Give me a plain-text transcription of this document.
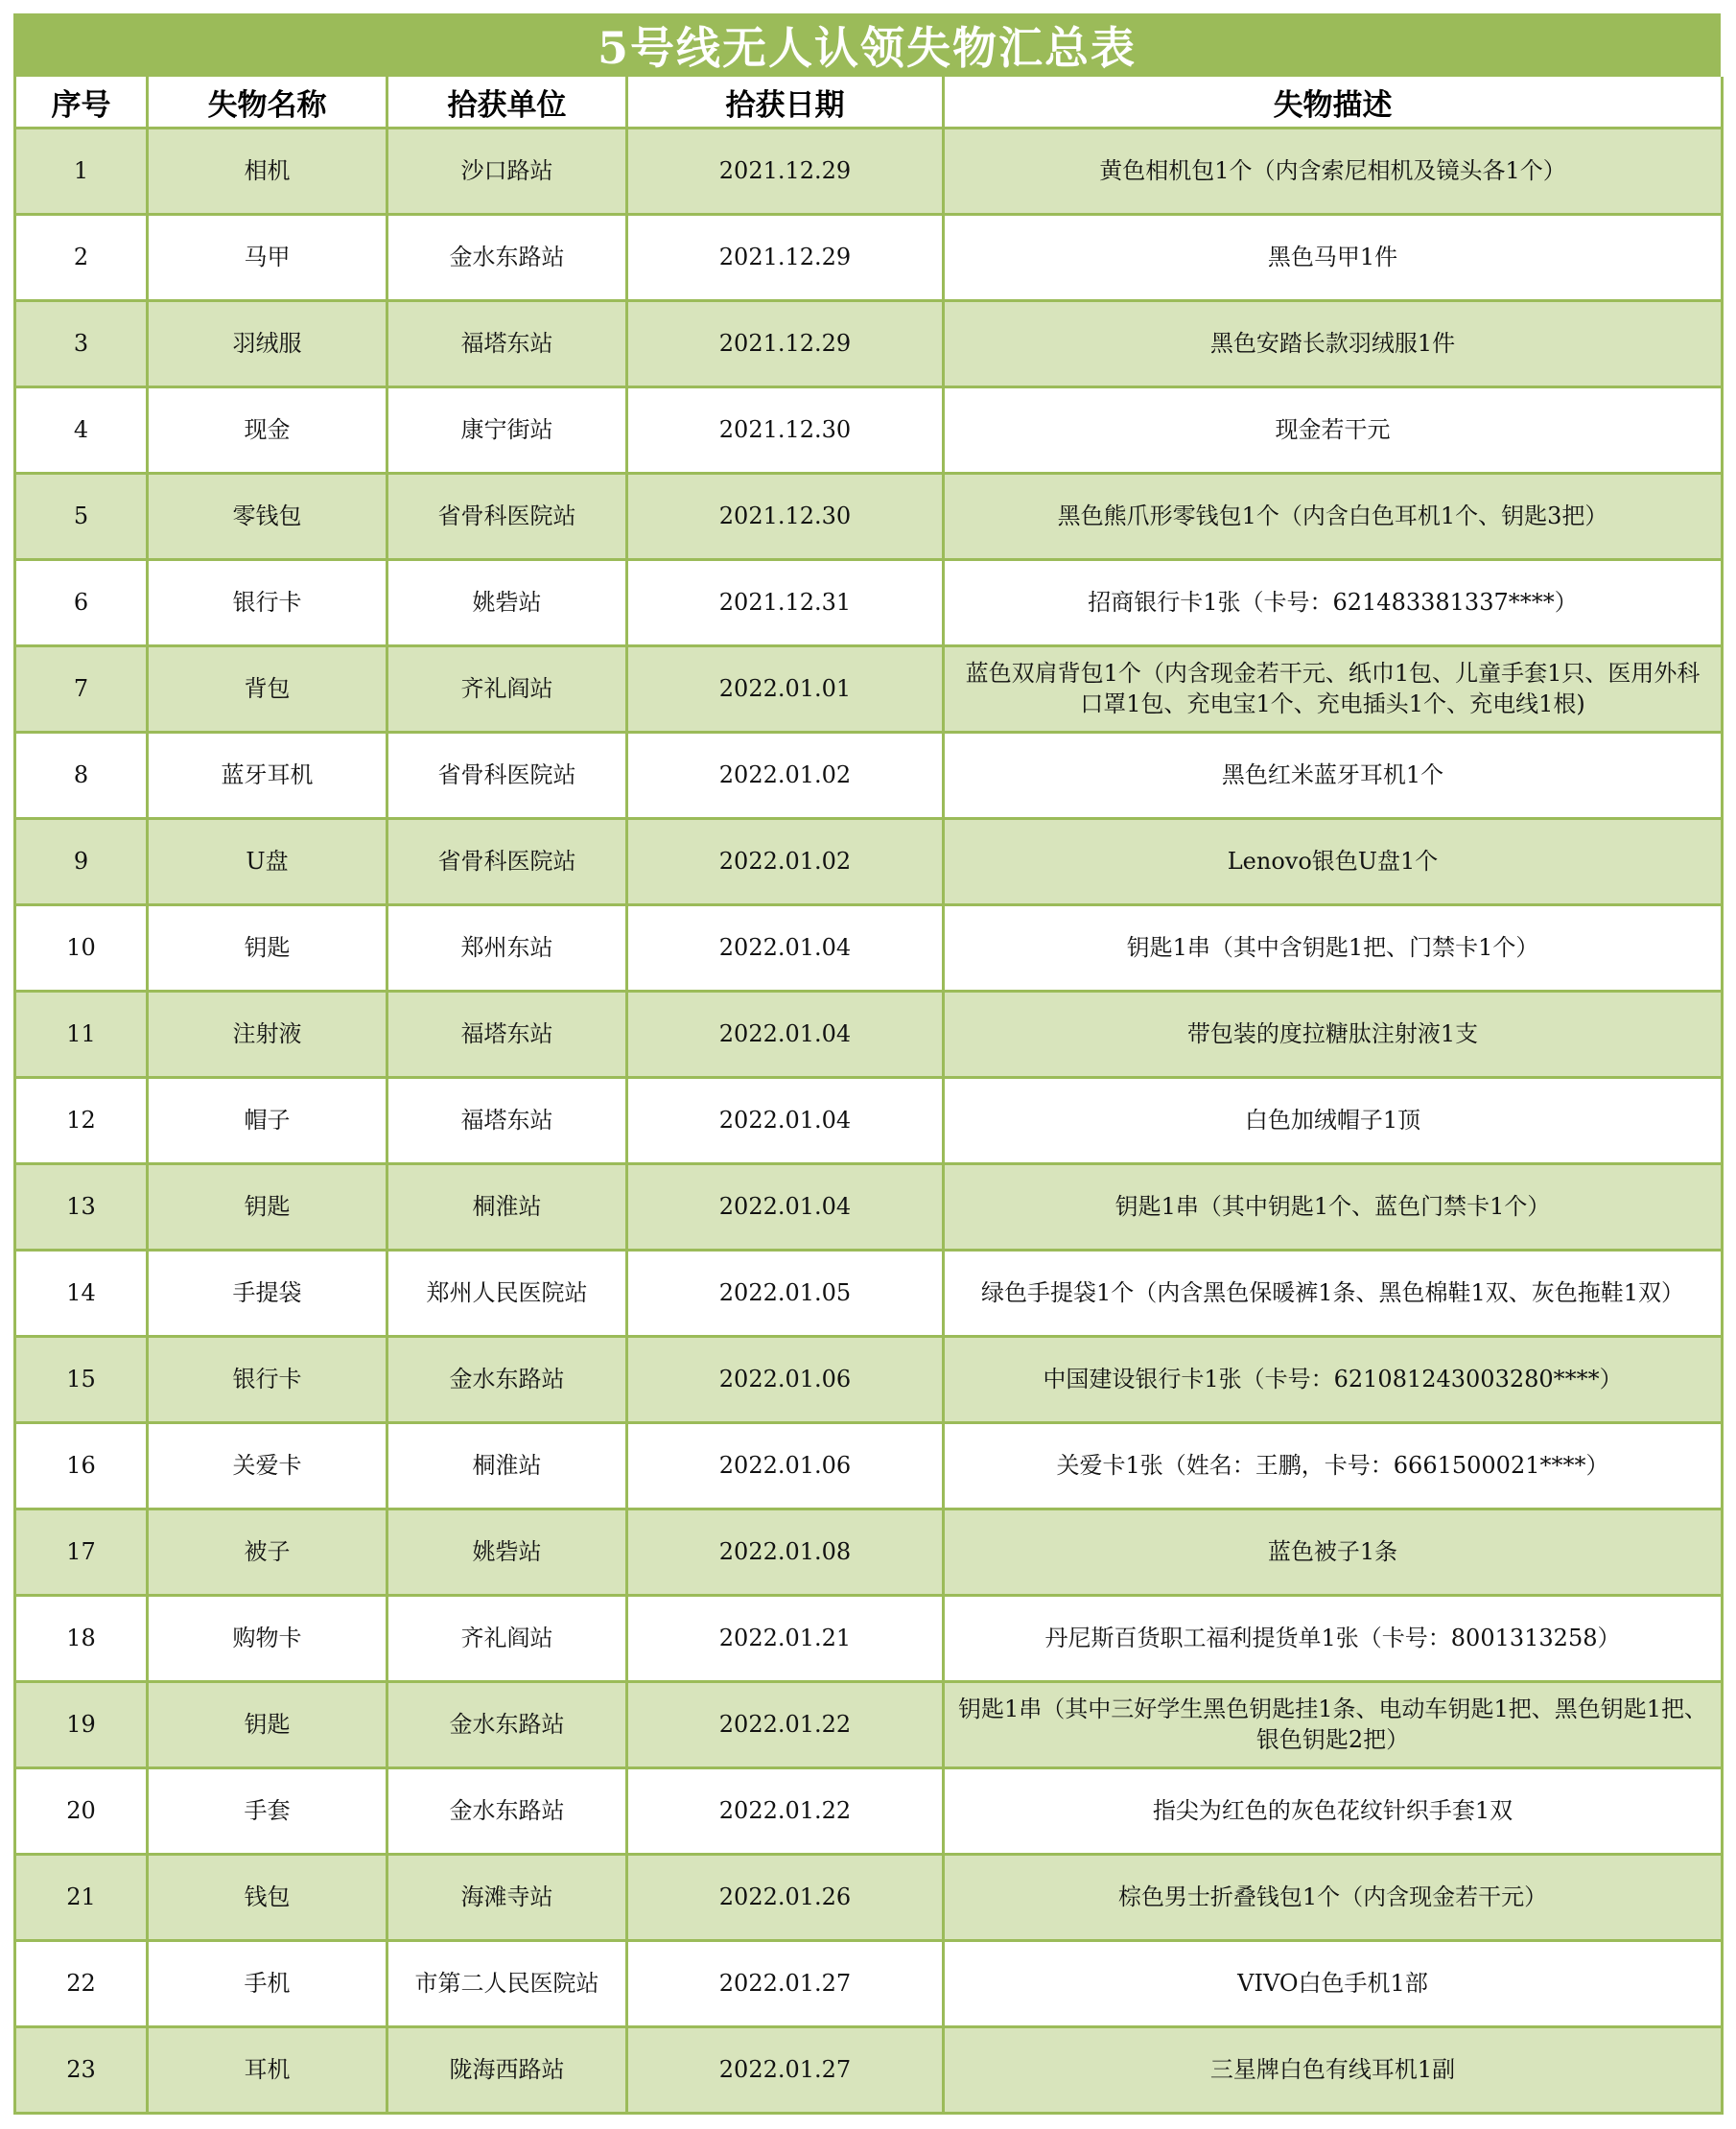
5号线无人认领失物汇总表
序号	失物名称	拾获单位	拾获日期	失物描述
1	相机	沙口路站	2021.12.29	黄色相机包1个（内含索尼相机及镜头各1个）
2	马甲	金水东路站	2021.12.29	黑色马甲1件
3	羽绒服	福塔东站	2021.12.29	黑色安踏长款羽绒服1件
4	现金	康宁街站	2021.12.30	现金若干元
5	零钱包	省骨科医院站	2021.12.30	黑色熊爪形零钱包1个（内含白色耳机1个、钥匙3把）
6	银行卡	姚砦站	2021.12.31	招商银行卡1张（卡号：621483381337****）
7	背包	齐礼阎站	2022.01.01	蓝色双肩背包1个（内含现金若干元、纸巾1包、儿童手套1只、医用外科口罩1包、充电宝1个、充电插头1个、充电线1根)
8	蓝牙耳机	省骨科医院站	2022.01.02	黑色红米蓝牙耳机1个
9	U盘	省骨科医院站	2022.01.02	Lenovo银色U盘1个
10	钥匙	郑州东站	2022.01.04	钥匙1串（其中含钥匙1把、门禁卡1个）
11	注射液	福塔东站	2022.01.04	带包装的度拉糖肽注射液1支
12	帽子	福塔东站	2022.01.04	白色加绒帽子1顶
13	钥匙	桐淮站	2022.01.04	钥匙1串（其中钥匙1个、蓝色门禁卡1个）
14	手提袋	郑州人民医院站	2022.01.05	绿色手提袋1个（内含黑色保暖裤1条、黑色棉鞋1双、灰色拖鞋1双）
15	银行卡	金水东路站	2022.01.06	中国建设银行卡1张（卡号：621081243003280****）
16	关爱卡	桐淮站	2022.01.06	关爱卡1张（姓名：王鹏，卡号：6661500021****）
17	被子	姚砦站	2022.01.08	蓝色被子1条
18	购物卡	齐礼阎站	2022.01.21	丹尼斯百货职工福利提货单1张（卡号：8001313258）
19	钥匙	金水东路站	2022.01.22	钥匙1串（其中三好学生黑色钥匙挂1条、电动车钥匙1把、黑色钥匙1把、银色钥匙2把）
20	手套	金水东路站	2022.01.22	指尖为红色的灰色花纹针织手套1双
21	钱包	海滩寺站	2022.01.26	棕色男士折叠钱包1个（内含现金若干元）
22	手机	市第二人民医院站	2022.01.27	VIVO白色手机1部
23	耳机	陇海西路站	2022.01.27	三星牌白色有线耳机1副
